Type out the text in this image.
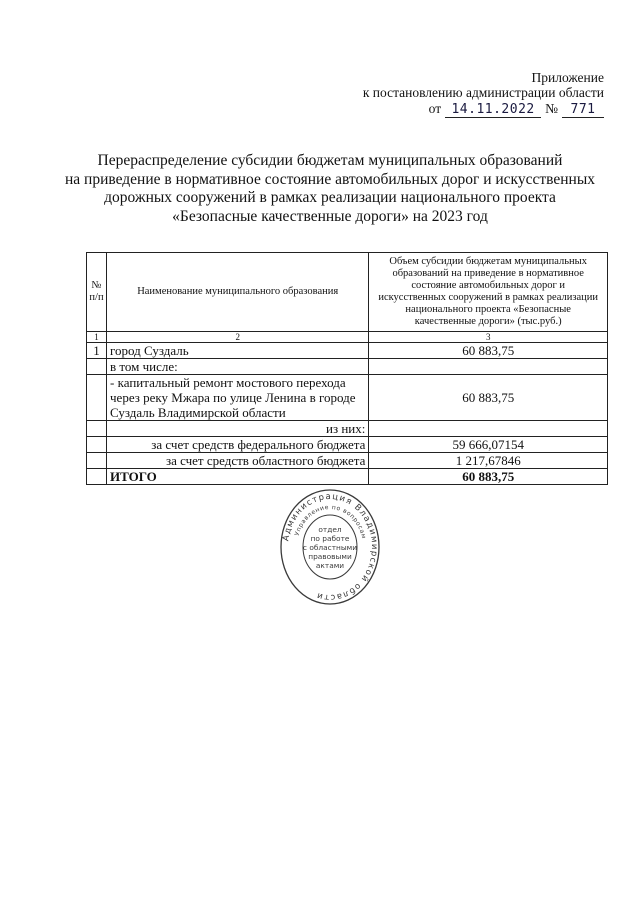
Приложение
к постановлению администрации области
от 14.11.2022 № 771
Перераспределение субсидии бюджетам муниципальных образований
на приведение в нормативное состояние автомобильных дорог и искусственных
дорожных сооружений в рамках реализации национального проекта
«Безопасные качественные дороги» на 2023 год
№ п/п	Наименование муниципального образования	Объем субсидии бюджетам муниципальных образований на приведение в нормативное состояние автомобильных дорог и искусственных сооружений в рамках реализации национального проекта «Безопасные качественные дороги» (тыс.руб.)
1	2	3
1	город Суздаль	60 883,75
	в том числе:	
	- капитальный ремонт мостового перехода через реку Мжара по улице Ленина в городе Суздаль Владимирской области	60 883,75
	из них:	
	за счет средств федерального бюджета	59 666,07154
	за счет средств областного бюджета	1 217,67846
	ИТОГО	60 883,75
Администрация Владимирской области
Управление по вопросам
отдел
по работе
с областными
правовыми
актами
